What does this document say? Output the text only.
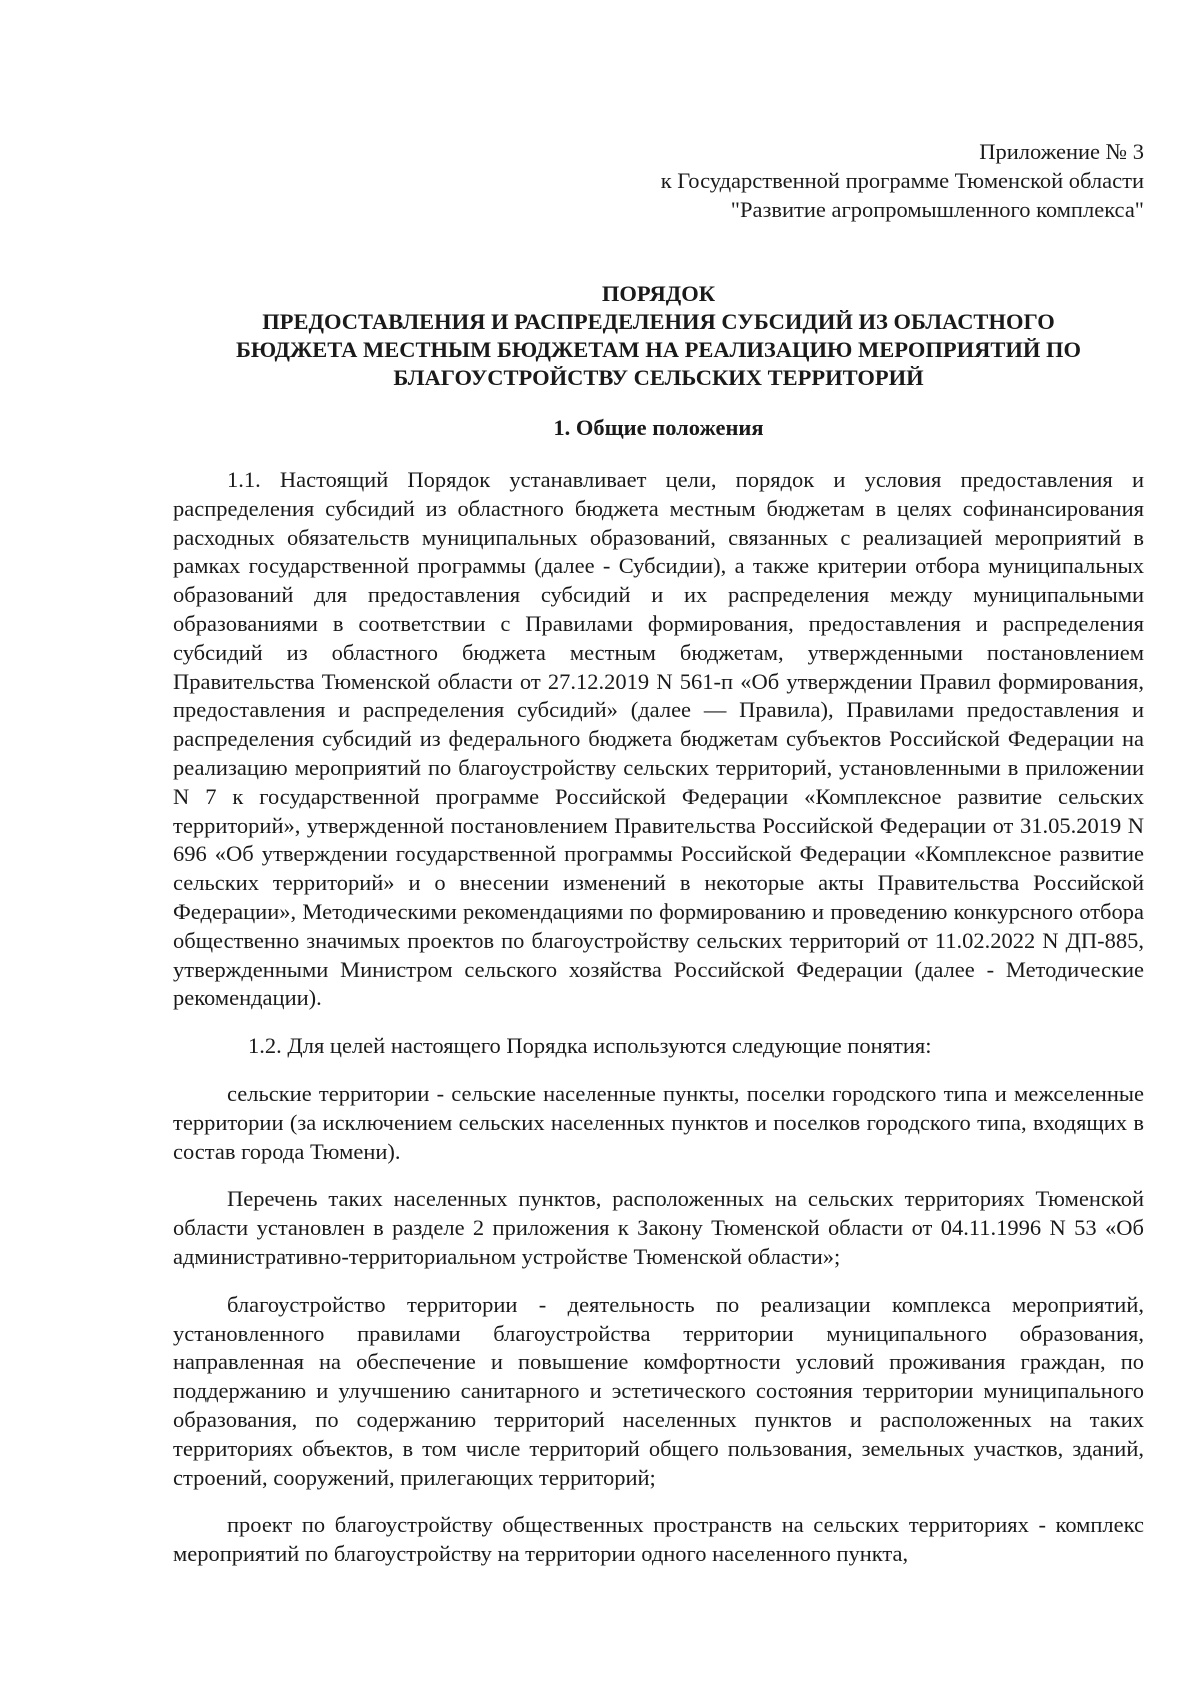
Приложение № 3
к Государственной программе Тюменской области
"Развитие агропромышленного комплекса"
ПОРЯДОК
ПРЕДОСТАВЛЕНИЯ И РАСПРЕДЕЛЕНИЯ СУБСИДИЙ ИЗ ОБЛАСТНОГО
БЮДЖЕТА МЕСТНЫМ БЮДЖЕТАМ НА РЕАЛИЗАЦИЮ МЕРОПРИЯТИЙ ПО
БЛАГОУСТРОЙСТВУ СЕЛЬСКИХ ТЕРРИТОРИЙ
1. Общие положения

1.1. Настоящий Порядок устанавливает цели, порядок и условия предоставления и распределения субсидий из областного бюджета местным бюджетам в целях софинансирования расходных обязательств муниципальных образований, связанных с реализацией мероприятий в рамках государственной программы (далее - Субсидии), а также критерии отбора муниципальных образований для предоставления субсидий и их распределения между муниципальными образованиями в соответствии с Правилами формирования, предоставления и распределения субсидий из областного бюджета местным бюджетам, утвержденными постановлением Правительства Тюменской области от 27.12.2019 N 561-п «Об утверждении Правил формирования, предоставления и распределения субсидий» (далее — Правила), Правилами предоставления и распределения субсидий из федерального бюджета бюджетам субъектов Российской Федерации на реализацию мероприятий по благоустройству сельских территорий, установленными в приложении N 7 к государственной программе Российской Федерации «Комплексное развитие сельских территорий», утвержденной постановлением Правительства Российской Федерации от 31.05.2019 N 696 «Об утверждении государственной программы Российской Федерации «Комплексное развитие сельских территорий» и о внесении изменений в некоторые акты Правительства Российской Федерации», Методическими рекомендациями по формированию и проведению конкурсного отбора общественно значимых проектов по благоустройству сельских территорий от 11.02.2022 N ДП-885, утвержденными Министром сельского хозяйства Российской Федерации (далее - Методические рекомендации).

1.2. Для целей настоящего Порядка используются следующие понятия:

сельские территории - сельские населенные пункты, поселки городского типа и межселенные территории (за исключением сельских населенных пунктов и поселков городского типа, входящих в состав города Тюмени).

Перечень таких населенных пунктов, расположенных на сельских территориях Тюменской области установлен в разделе 2 приложения к Закону Тюменской области от 04.11.1996 N 53 «Об административно-территориальном устройстве Тюменской области»;

благоустройство территории - деятельность по реализации комплекса мероприятий, установленного правилами благоустройства территории муниципального образования, направленная на обеспечение и повышение комфортности условий проживания граждан, по поддержанию и улучшению санитарного и эстетического состояния территории муниципального образования, по содержанию территорий населенных пунктов и расположенных на таких территориях объектов, в том числе территорий общего пользования, земельных участков, зданий, строений, сооружений, прилегающих территорий;

проект по благоустройству общественных пространств на сельских территориях - комплекс мероприятий по благоустройству на территории одного населенного пункта,
